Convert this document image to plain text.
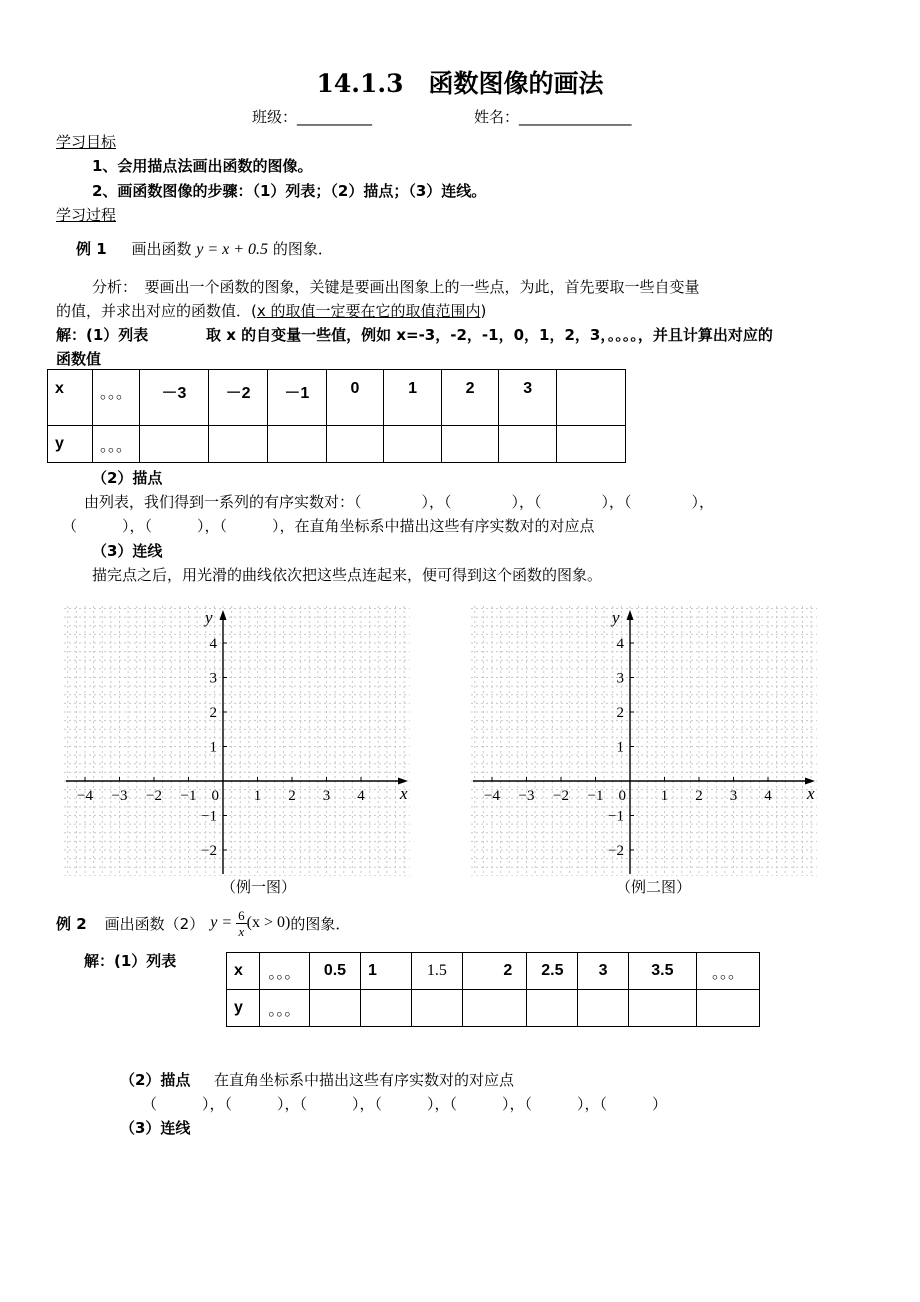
14.1.3　函数图像的画法
班级：__________	姓名：_______________
学习目标
1、会用描点法画出函数的图像。
2、画函数图像的步骤：（1）列表；（2）描点；（3）连线。
学习过程
例 1 画出函数 y = x + 0.5 的图象．
分析：　要画出一个函数的图象，关键是要画出图象上的一些点，为此，首先要取一些自变量
的值，并求出对应的函数值．(x 的取值一定要在它的取值范围内)
解：(1）列表	取 x 的自变量一些值，例如 x=-3，-2，-1，0，1，2，3，。。。。，并且计算出对应的
函数值
x	。。。	－3	－2	－1	0	1	2	3	
y	。。。								
（2）描点
由列表，我们得到一系列的有序实数对：（　　　　），（　　　　），（　　　　），（　　　　），
（　　　），（　　　），（　　　），在直角坐标系中描出这些有序实数对的对应点
（3）连线
描完点之后，用光滑的曲线依次把这些点连起来，便可得到这个函数的图象。
−4 −3 −2 −1	1 2 3 4
4
3
2
1
−1
−2
0	x
y
（例一图）
−4 −3 −2 −1	1 2 3 4
4
3
2
1
−1
−2
0	x
y
（例二图）
例 2 画出函数（2） $y = \frac{6}{x} (x > 0)$ 的图象．
解：(1）列表
x	。。。	0.5	1	1.5	2	2.5	3	3.5	。。。
y	。。。								
（2）描点 在直角坐标系中描出这些有序实数对的对应点
（　　　），（　　　），（　　　），（　　　），（　　　），（　　　），（　　　）
（3）连线
